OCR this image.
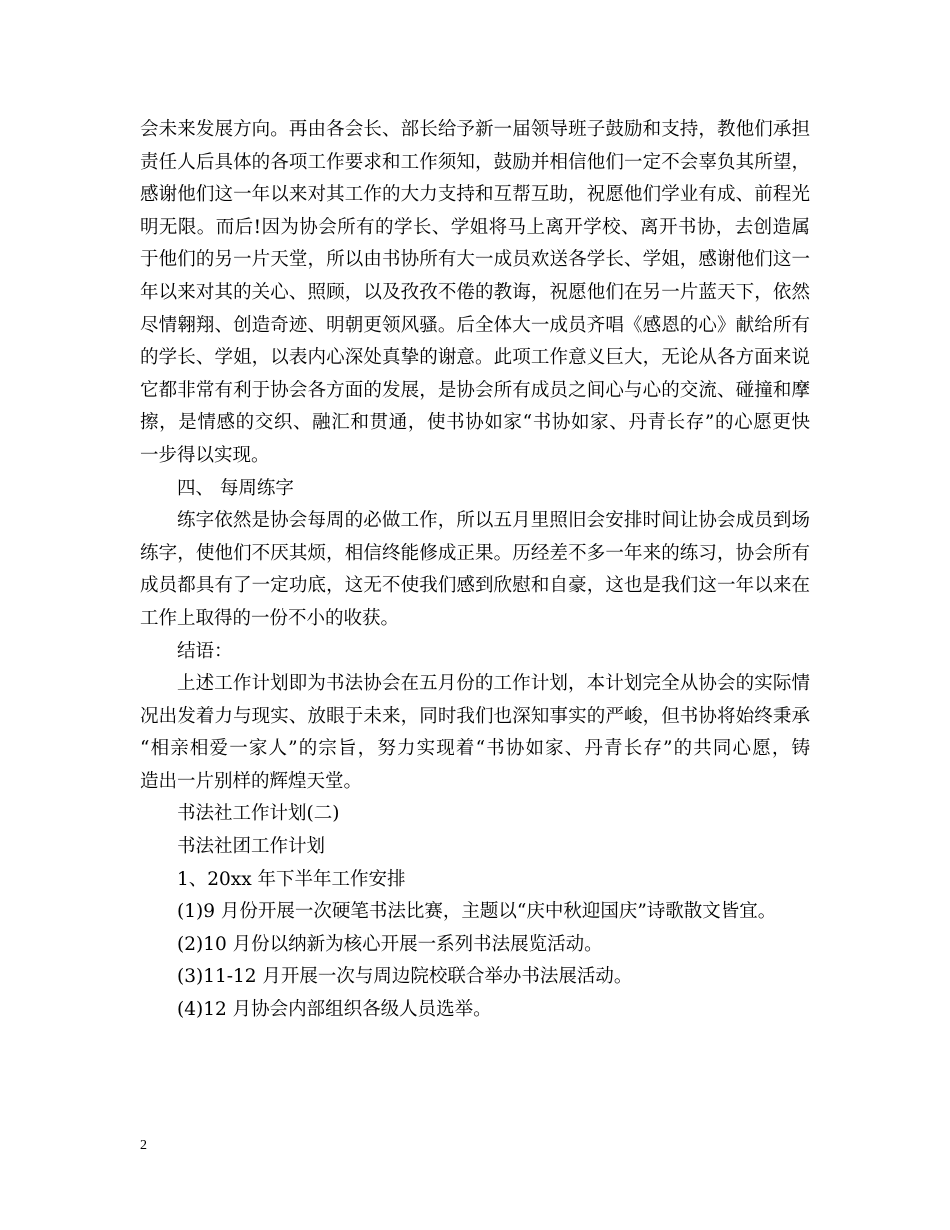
会未来发展方向。再由各会长、部长给予新一届领导班子鼓励和支持，教他们承担
责任人后具体的各项工作要求和工作须知，鼓励并相信他们一定不会辜负其所望，
感谢他们这一年以来对其工作的大力支持和互帮互助，祝愿他们学业有成、前程光
明无限。而后!因为协会所有的学长、学姐将马上离开学校、离开书协，去创造属
于他们的另一片天堂，所以由书协所有大一成员欢送各学长、学姐，感谢他们这一
年以来对其的关心、照顾，以及孜孜不倦的教诲，祝愿他们在另一片蓝天下，依然
尽情翱翔、创造奇迹、明朝更领风骚。后全体大一成员齐唱《感恩的心》献给所有
的学长、学姐，以表内心深处真挚的谢意。此项工作意义巨大，无论从各方面来说
它都非常有利于协会各方面的发展，是协会所有成员之间心与心的交流、碰撞和摩
擦，是情感的交织、融汇和贯通，使书协如家“书协如家、丹青长存”的心愿更快
一步得以实现。

四、 每周练字

练字依然是协会每周的必做工作，所以五月里照旧会安排时间让协会成员到场
练字，使他们不厌其烦，相信终能修成正果。历经差不多一年来的练习，协会所有
成员都具有了一定功底，这无不使我们感到欣慰和自豪，这也是我们这一年以来在
工作上取得的一份不小的收获。

结语：

上述工作计划即为书法协会在五月份的工作计划，本计划完全从协会的实际情
况出发着力与现实、放眼于未来，同时我们也深知事实的严峻，但书协将始终秉承
“相亲相爱一家人”的宗旨，努力实现着“书协如家、丹青长存”的共同心愿，铸
造出一片别样的辉煌天堂。

书法社工作计划(二)

书法社团工作计划

1、20xx 年下半年工作安排

(1)9 月份开展一次硬笔书法比赛，主题以“庆中秋迎国庆”诗歌散文皆宜。

(2)10 月份以纳新为核心开展一系列书法展览活动。

(3)11-12 月开展一次与周边院校联合举办书法展活动。

(4)12 月协会内部组织各级人员选举。

2
